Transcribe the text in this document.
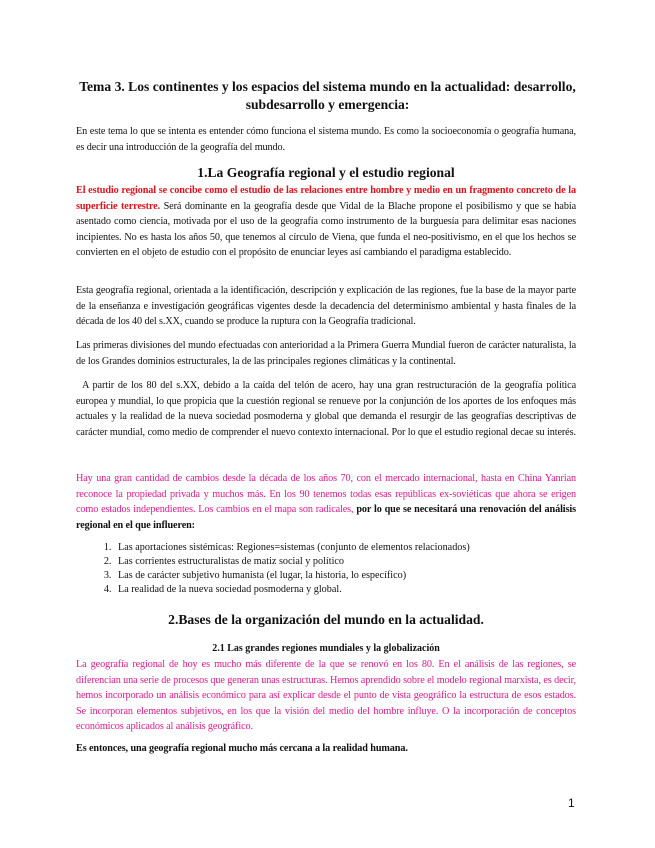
Tema 3. Los continentes y los espacios del sistema mundo en la actualidad: desarrollo, subdesarrollo y emergencia:

En este tema lo que se intenta es entender cómo funciona el sistema mundo. Es como la socioeconomía o geografía humana, es decir una introducción de la geografía del mundo.

1.La Geografía regional y el estudio regional

El estudio regional se concibe como el estudio de las relaciones entre hombre y medio en un fragmento concreto de la superficie terrestre. Será dominante en la geografía desde que Vidal de la Blache propone el posibilismo y que se había asentado como ciencia, motivada por el uso de la geografía como instrumento de la burguesía para delimitar esas naciones incipientes. No es hasta los años 50, que tenemos al círculo de Viena, que funda el neo-positivismo, en el que los hechos se convierten en el objeto de estudio con el propósito de enunciar leyes así cambiando el paradigma establecido.

Esta geografía regional, orientada a la identificación, descripción y explicación de las regiones, fue la base de la mayor parte de la enseñanza e investigación geográficas vigentes desde la decadencia del determinismo ambiental y hasta finales de la década de los 40 del s.XX, cuando se produce la ruptura con la Geografía tradicional.

Las primeras divisiones del mundo efectuadas con anterioridad a la Primera Guerra Mundial fueron de carácter naturalista, la de los Grandes dominios estructurales, la de las principales regiones climáticas y la continental.

A partir de los 80 del s.XX, debido a la caída del telón de acero, hay una gran restructuración de la geografía política europea y mundial, lo que propicia que la cuestión regional se renueve por la conjunción de los aportes de los enfoques más actuales y la realidad de la nueva sociedad posmoderna y global que demanda el resurgir de las geografías descriptivas de carácter mundial, como medio de comprender el nuevo contexto internacional. Por lo que el estudio regional decae su interés.

Hay una gran cantidad de cambios desde la década de los años 70, con el mercado internacional, hasta en China Yanrian reconoce la propiedad privada y muchos más. En los 90 tenemos todas esas repúblicas ex-soviéticas que ahora se erigen como estados independientes. Los cambios en el mapa son radicales, por lo que se necesitará una renovación del análisis regional en el que influeren:

1. Las aportaciones sistémicas: Regiones=sistemas (conjunto de elementos relacionados)
2. Las corrientes estructuralistas de matiz social y político
3. Las de carácter subjetivo humanista (el lugar, la historia, lo específico)
4. La realidad de la nueva sociedad posmoderna y global.
2.Bases de la organización del mundo en la actualidad.
2.1 Las grandes regiones mundiales y la globalización

La geografía regional de hoy es mucho más diferente de la que se renovó en los 80. En el análisis de las regiones, se diferencian una serie de procesos que generan unas estructuras. Hemos aprendido sobre el modelo regional marxista, es decir, hemos incorporado un análisis económico para así explicar desde el punto de vista geográfico la estructura de esos estados. Se incorporan elementos subjetivos, en los que la visión del medio del hombre influye. O la incorporación de conceptos económicos aplicados al análisis geográfico.

Es entonces, una geografía regional mucho más cercana a la realidad humana.

1
